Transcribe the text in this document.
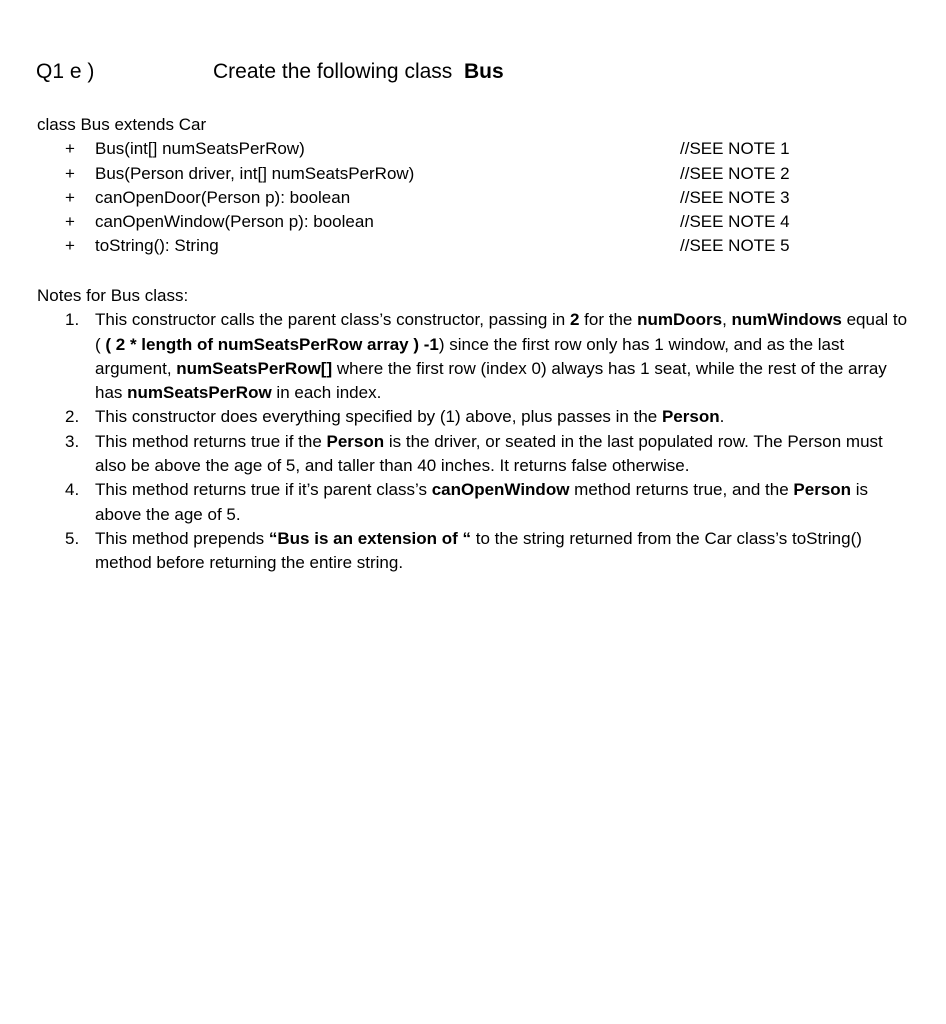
Q1 e )	Create the following class Bus

class Bus extends Car

+ Bus(int[] numSeatsPerRow)	//SEE NOTE 1
+ Bus(Person driver, int[] numSeatsPerRow)	//SEE NOTE 2
+ canOpenDoor(Person p): boolean	//SEE NOTE 3
+ canOpenWindow(Person p): boolean	//SEE NOTE 4
+ toString(): String	//SEE NOTE 5

Notes for Bus class:

1. This constructor calls the parent class’s constructor, passing in 2 for the numDoors, numWindows equal to ( ( 2 * length of numSeatsPerRow array ) -1) since the first row only has 1 window, and as the last argument, numSeatsPerRow[] where the first row (index 0) always has 1 seat, while the rest of the array has numSeatsPerRow in each index.
2. This constructor does everything specified by (1) above, plus passes in the Person.
3. This method returns true if the Person is the driver, or seated in the last populated row. The Person must also be above the age of 5, and taller than 40 inches. It returns false otherwise.
4. This method returns true if it’s parent class’s canOpenWindow method returns true, and the Person is above the age of 5.
5. This method prepends “Bus is an extension of “ to the string returned from the Car class’s toString() method before returning the entire string.
